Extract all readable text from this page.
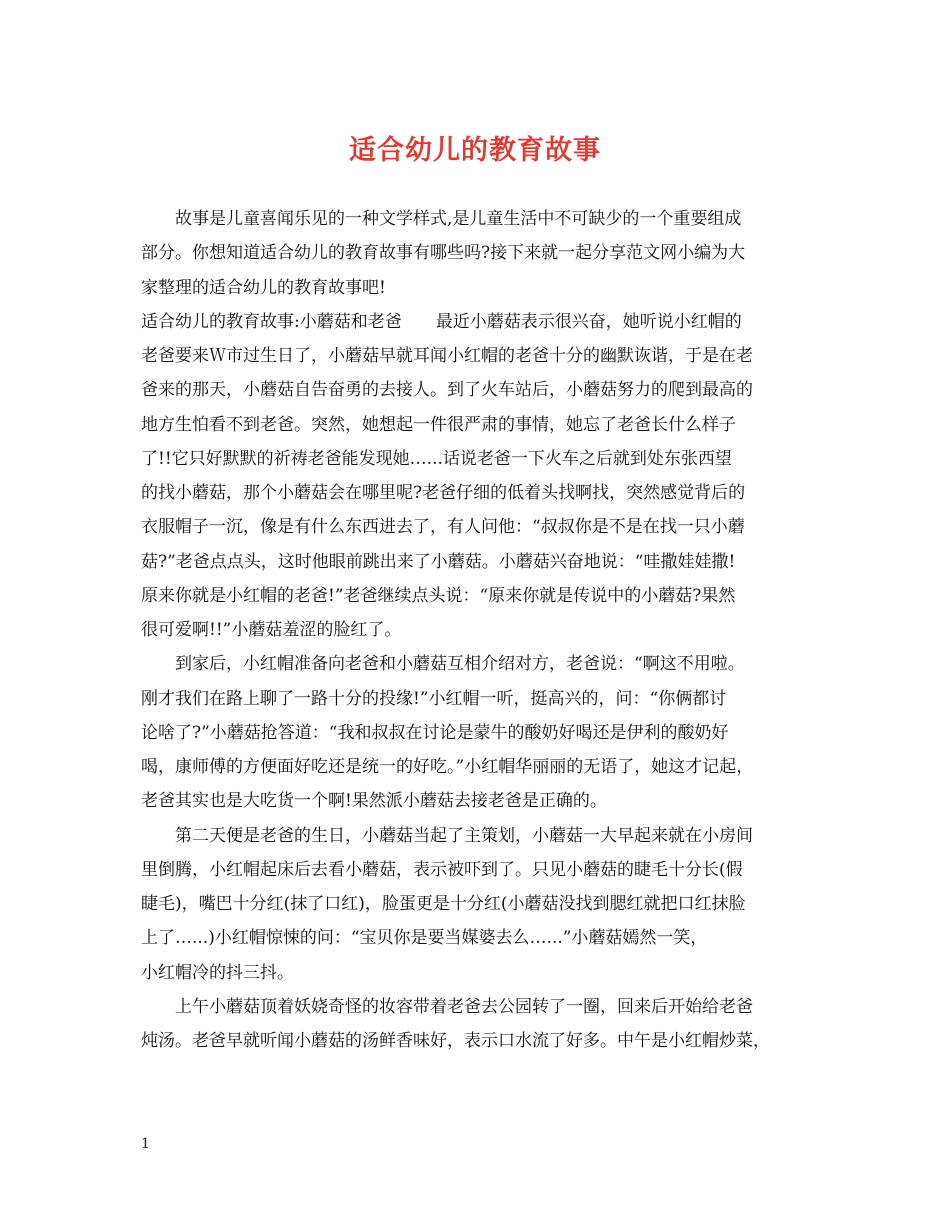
适合幼儿的教育故事
　　故事是儿童喜闻乐见的一种文学样式,是儿童生活中不可缺少的一个重要组成
部分。你想知道适合幼儿的教育故事有哪些吗?接下来就一起分享范文网小编为大
家整理的适合幼儿的教育故事吧!
适合幼儿的教育故事:小蘑菇和老爸　　最近小蘑菇表示很兴奋，她听说小红帽的
老爸要来Ｗ市过生日了，小蘑菇早就耳闻小红帽的老爸十分的幽默诙谐，于是在老
爸来的那天，小蘑菇自告奋勇的去接人。到了火车站后，小蘑菇努力的爬到最高的
地方生怕看不到老爸。突然，她想起一件很严肃的事情，她忘了老爸长什么样子
了!!它只好默默的祈祷老爸能发现她…...话说老爸一下火车之后就到处东张西望
的找小蘑菇，那个小蘑菇会在哪里呢?老爸仔细的低着头找啊找，突然感觉背后的
衣服帽子一沉，像是有什么东西进去了，有人问他：“叔叔你是不是在找一只小蘑
菇?”老爸点点头，这时他眼前跳出来了小蘑菇。小蘑菇兴奋地说：“哇撒娃娃撒!
原来你就是小红帽的老爸!”老爸继续点头说：“原来你就是传说中的小蘑菇?果然
很可爱啊!!”小蘑菇羞涩的脸红了。
　　到家后，小红帽准备向老爸和小蘑菇互相介绍对方，老爸说：“啊这不用啦。
刚才我们在路上聊了一路十分的投缘!”小红帽一听，挺高兴的，问：“你俩都讨
论啥了?”小蘑菇抢答道：“我和叔叔在讨论是蒙牛的酸奶好喝还是伊利的酸奶好
喝，康师傅的方便面好吃还是统一的好吃。”小红帽华丽丽的无语了，她这才记起，
老爸其实也是大吃货一个啊!果然派小蘑菇去接老爸是正确的。
　　第二天便是老爸的生日，小蘑菇当起了主策划，小蘑菇一大早起来就在小房间
里倒腾，小红帽起床后去看小蘑菇，表示被吓到了。只见小蘑菇的睫毛十分长(假
睫毛)，嘴巴十分红(抹了口红)，脸蛋更是十分红(小蘑菇没找到腮红就把口红抹脸
上了…...)小红帽惊悚的问：“宝贝你是要当媒婆去么…...”小蘑菇嫣然一笑，
小红帽冷的抖三抖。
　　上午小蘑菇顶着妖娆奇怪的妆容带着老爸去公园转了一圈，回来后开始给老爸
炖汤。老爸早就听闻小蘑菇的汤鲜香味好，表示口水流了好多。中午是小红帽炒菜，
1
